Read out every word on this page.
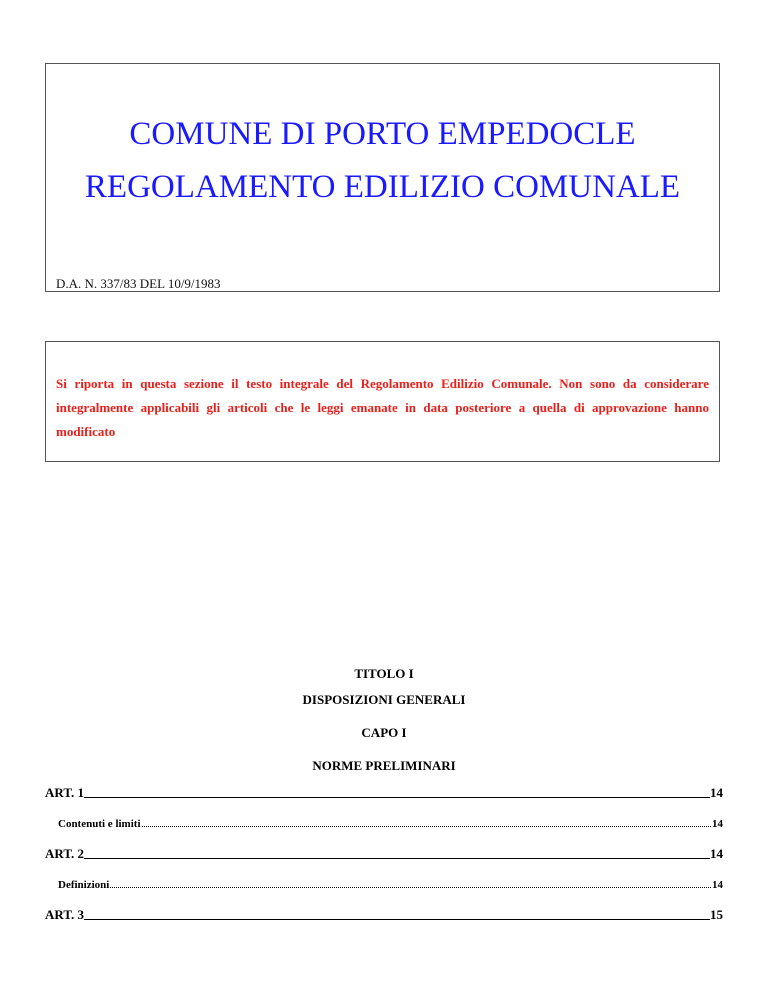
COMUNE DI PORTO EMPEDOCLE
REGOLAMENTO EDILIZIO COMUNALE
D.A. N. 337/83 DEL 10/9/1983

Si riporta in questa sezione il testo integrale del Regolamento Edilizio Comunale. Non sono da considerare integralmente applicabili gli articoli che le leggi emanate in data posteriore a quella di approvazione hanno modificato

TITOLO I
DISPOSIZIONI GENERALI
CAPO I
NORME PRELIMINARI
ART. 1	14
Contenuti e limiti	14
ART. 2	14
Definizioni	14
ART. 3	15
